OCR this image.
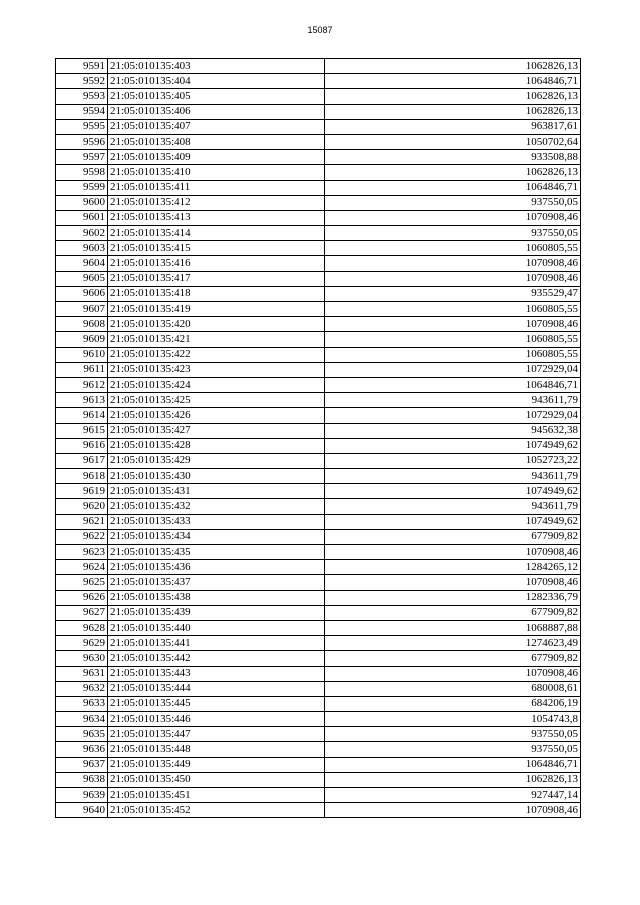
15087
9591	21:05:010135:403	1062826,13
9592	21:05:010135:404	1064846,71
9593	21:05:010135:405	1062826,13
9594	21:05:010135:406	1062826,13
9595	21:05:010135:407	963817,61
9596	21:05:010135:408	1050702,64
9597	21:05:010135:409	933508,88
9598	21:05:010135:410	1062826,13
9599	21:05:010135:411	1064846,71
9600	21:05:010135:412	937550,05
9601	21:05:010135:413	1070908,46
9602	21:05:010135:414	937550,05
9603	21:05:010135:415	1060805,55
9604	21:05:010135:416	1070908,46
9605	21:05:010135:417	1070908,46
9606	21:05:010135:418	935529,47
9607	21:05:010135:419	1060805,55
9608	21:05:010135:420	1070908,46
9609	21:05:010135:421	1060805,55
9610	21:05:010135:422	1060805,55
9611	21:05:010135:423	1072929,04
9612	21:05:010135:424	1064846,71
9613	21:05:010135:425	943611,79
9614	21:05:010135:426	1072929,04
9615	21:05:010135:427	945632,38
9616	21:05:010135:428	1074949,62
9617	21:05:010135:429	1052723,22
9618	21:05:010135:430	943611,79
9619	21:05:010135:431	1074949,62
9620	21:05:010135:432	943611,79
9621	21:05:010135:433	1074949,62
9622	21:05:010135:434	677909,82
9623	21:05:010135:435	1070908,46
9624	21:05:010135:436	1284265,12
9625	21:05:010135:437	1070908,46
9626	21:05:010135:438	1282336,79
9627	21:05:010135:439	677909,82
9628	21:05:010135:440	1068887,88
9629	21:05:010135:441	1274623,49
9630	21:05:010135:442	677909,82
9631	21:05:010135:443	1070908,46
9632	21:05:010135:444	680008,61
9633	21:05:010135:445	684206,19
9634	21:05:010135:446	1054743,8
9635	21:05:010135:447	937550,05
9636	21:05:010135:448	937550,05
9637	21:05:010135:449	1064846,71
9638	21:05:010135:450	1062826,13
9639	21:05:010135:451	927447,14
9640	21:05:010135:452	1070908,46
